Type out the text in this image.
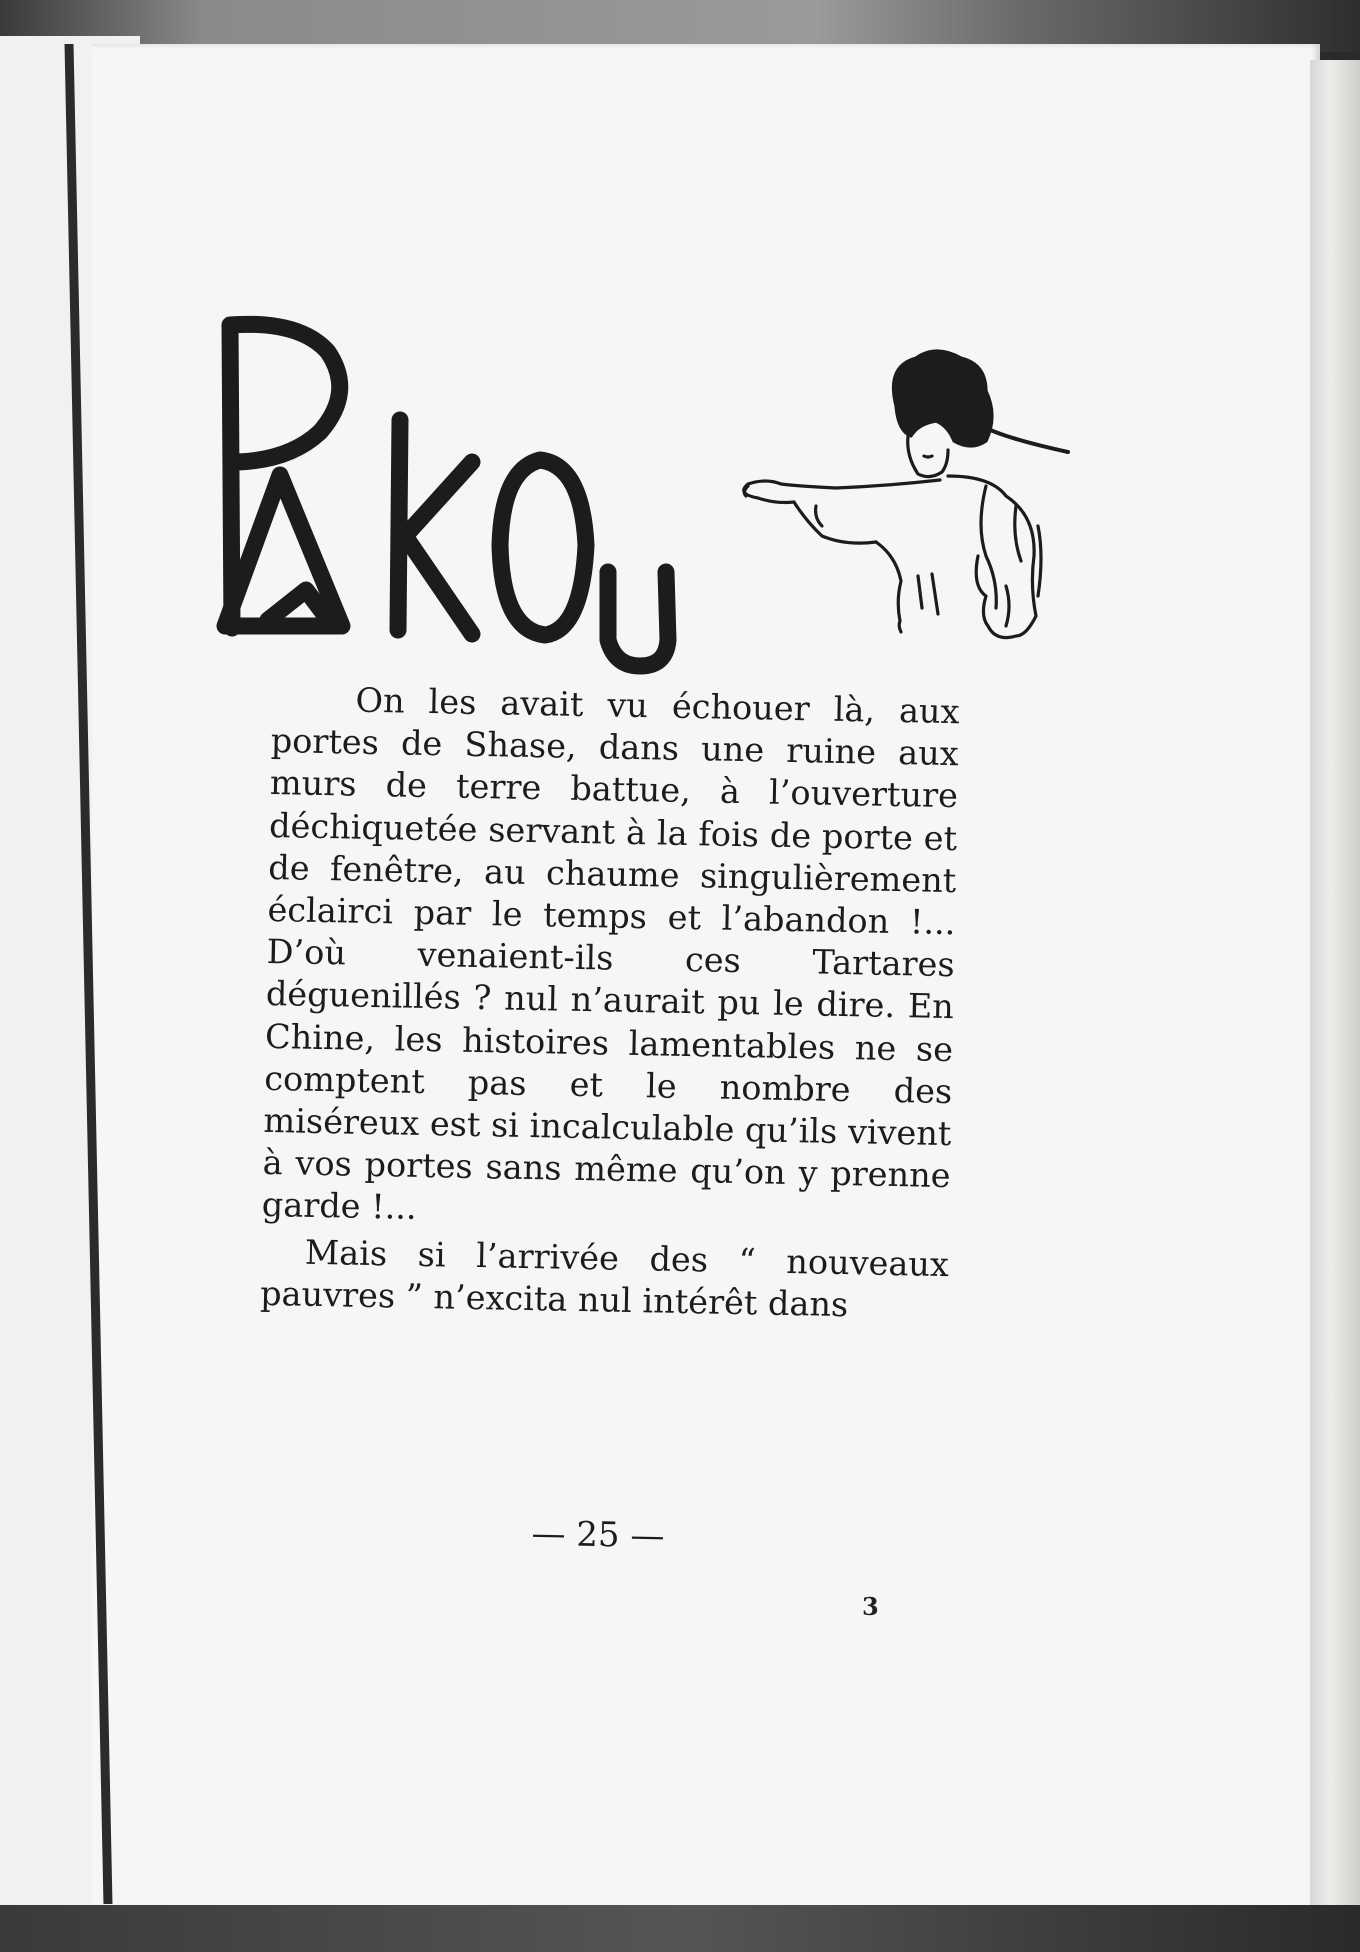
On les avait vu échouer là, aux portes de Shase, dans une ruine aux murs de terre battue, à l’ouverture déchiquetée servant à la fois de porte et de fenêtre, au chaume singulièrement éclairci par le temps et l’abandon !... D’où venaient-ils ces Tartares déguenillés ? nul n’aurait pu le dire. En Chine, les histoires lamentables ne se comptent pas et le nombre des miséreux est si incalculable qu’ils vivent à vos portes sans même qu’on y prenne garde !...

Mais si l’arrivée des “ nouveaux pauvres ” n’excita nul intérêt dans

— 25 —
3
